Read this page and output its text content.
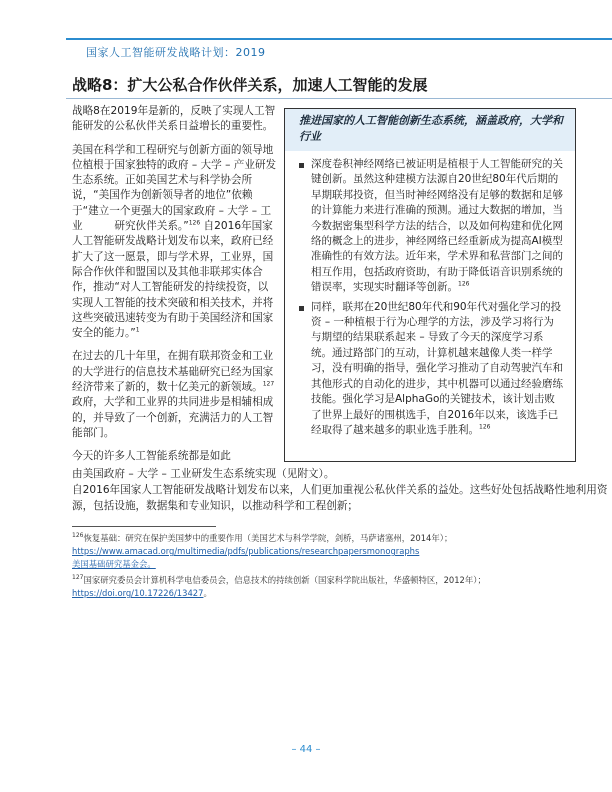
国家人工智能研发战略计划：2019
战略8：扩大公私合作伙伴关系，加速人工智能的发展

战略8在2019年是新的，反映了实现人工智能研发的公私伙伴关系日益增长的重要性。

美国在科学和工程研究与创新方面的领导地位植根于国家独特的政府 – 大学 – 产业研发生态系统。正如美国艺术与科学协会所说，“美国作为创新领导者的地位”依赖于“建立一个更强大的国家政府 – 大学 – 工业　　　研究伙伴关系。”$^{126}$ 自2016年国家人工智能研发战略计划发布以来，政府已经扩大了这一愿景，即与学术界，工业界，国际合作伙伴和盟国以及其他非联邦实体合作，推动“对人工智能研发的持续投资，以实现人工智能的技术突破和相关技术，并将这些突破迅速转变为有助于美国经济和国家安全的能力。”$^1$

在过去的几十年里，在拥有联邦资金和工业的大学进行的信息技术基础研究已经为国家经济带来了新的，数十亿美元的新领域。$^{127}$ 政府，大学和工业界的共同进步是相辅相成的，并导致了一个创新，充满活力的人工智能部门。

今天的许多人工智能系统都是如此

推进国家的人工智能创新生态系统，涵盖政府，大学和行业
深度卷积神经网络已被证明是植根于人工智能研究的关键创新。虽然这种建模方法源自20世纪80年代后期的早期联邦投资，但当时神经网络没有足够的数据和足够的计算能力来进行准确的预测。通过大数据的增加，当今数据密集型科学方法的结合，以及如何构建和优化网络的概念上的进步，神经网络已经重新成为提高AI模型准确性的有效方法。近年来，学术界和私营部门之间的相互作用，包括政府资助，有助于降低语音识别系统的错误率，实现实时翻译等创新。$^{126}$
同样，联邦在20世纪80年代和90年代对强化学习的投资 – 一种植根于行为心理学的方法，涉及学习将行为与期望的结果联系起来 – 导致了今天的深度学习系统。通过路部门的互动，计算机越来越像人类一样学习，没有明确的指导，强化学习推动了自动驾驶汽车和其他形式的自动化的进步，其中机器可以通过经验磨练技能。强化学习是AlphaGo的关键技术，该计划击败了世界上最好的围棋选手，自2016年以来，该选手已经取得了越来越多的职业选手胜利。$^{126}$

由美国政府 – 大学 – 工业研发生态系统实现（见附文）。

自2016年国家人工智能研发战略计划发布以来，人们更加重视公私伙伴关系的益处。这些好处包括战略性地利用资源，包括设施，数据集和专业知识，以推动科学和工程创新；

$^{126}$恢复基础：研究在保护美国梦中的重要作用（美国艺术与科学学院，剑桥，马萨诸塞州，2014年）；https://www.amacad.org/multimedia/pdfs/publications/researchpapersmonographs
美国基础研究基金会。

$^{127}$国家研究委员会计算机科学电信委员会，信息技术的持续创新（国家科学院出版社，华盛顿特区，2012年）；https://doi.org/10.17226/13427。

– 44 –
